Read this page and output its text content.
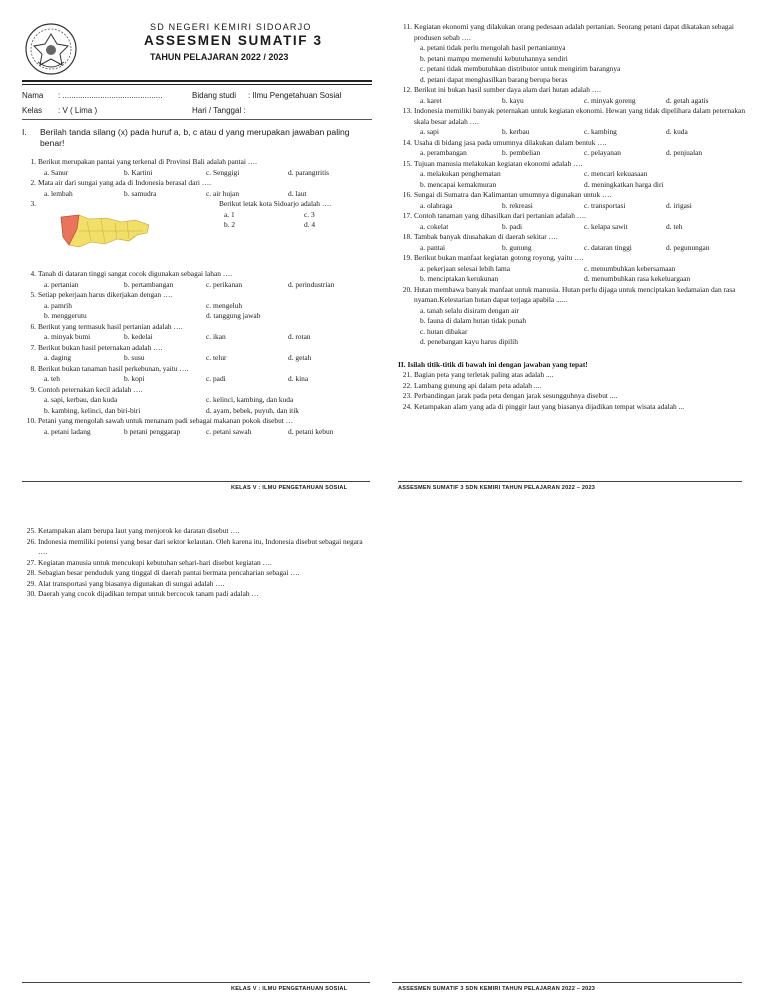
SD NEGERI KEMIRI SIDOARJO
ASSESMEN SUMATIF 3
TAHUN PELAJARAN 2022 / 2023
Nama : .............................................	Bidang studi : Ilmu Pengetahuan Sosial
Kelas : V ( Lima )	Hari / Tanggal :
I.	Berilah tanda silang (x) pada huruf a, b, c atau d yang merupakan jawaban paling benar!
1. Berikut merupakan pantai yang terkenal di Provinsi Bali adalah pantai ….
a. Sanur	b. Kartini	c. Senggigi	d. parangtritis
2. Mata air dari sungai yang ada di Indonesia berasal dari ….
a. lembah	b. samudra	c. air hujan	d. laut
3.	Berikut letak kota Sidoarjo adalah ….
a. 1	c. 3
b. 2	d. 4
4. Tanah di dataran tinggi sangat cocok digunakan sebagai lahan ….
a. pertanian	b. pertambangan	c. perikanan	d. perindustrian
5. Setiap pekerjaan harus dikerjakan dengan ….
a. pamrih	c. mengeluh
b. menggerutu	d. tanggung jawab
6. Berikut yang termasuk hasil pertanian adalah ….
a. minyak bumi	b. kedelai	c. ikan	d. rotan
7. Berikut bukan hasil peternakan adalah ….
a. daging	b. susu	c. telur	d. getah
8. Berikut bukan tanaman hasil perkebunan, yaitu ….
a. teh	b. kopi	c. padi	d. kina
9. Contoh peternakan kecil adalah ….
a. sapi, kerbau, dan kuda	c. kelinci, kambing, dan kuda
b. kambing, kelinci, dan biri-biri	d. ayam, bebek, puyuh, dan itik
10. Petani yang mengolah sawah untuk menanam padi sebagai makanan pokok disebut …
a. petani ladang	b petani penggarap	c. petani sawah	d. petani kebun
11. Kegiatan ekonomi yang dilakukan orang pedesaan adalah pertanian. Seorang petani dapat dikatakan sebagai produsen sebab ….
a. petani tidak perlu mengolah hasil pertaniannya
b. petani mampu memenuhi kebutuhannya sendiri
c. petani tidak membutuhkan distributor untuk mengirim barangnya
d. petani dapat menghasilkan barang berupa beras
12. Berikut ini bukan hasil sumber daya alam dari hutan adalah ….
a. karet	b. kayu	c. minyak goreng	d. getah agatis
13. Indonesia memiliki banyak peternakan untuk kegiatan ekonomi. Hewan yang tidak dipelihara dalam peternakan skala besar adalah ….
a. sapi	b. kerbau	c. kambing	d. kuda
14. Usaha di bidang jasa pada umumnya dilakukan dalam bentuk ….
a. perambangan	b. pembelian	c. pelayanan	d. penjualan
15. Tujuan manusia melakukan kegiatan ekonomi adalah ….
a. melakukan penghematan	c. mencari kekuasaan
b. mencapai kemakmuran	d. meningkatkan harga diri
16. Sungai di Sumatra dan Kalimantan umumnya digunakan untuk ….
a. olahraga	b. rekreasi	c. transportasi	d. irigasi
17. Contoh tanaman yang dihasilkan dari pertanian adalah ….
a. cokelat	b. padi	c. kelapa sawit	d. teh
18. Tambak banyak diusahakan di daerah sekitar ….
a. pantai	b. gunung	c. dataran tinggi	d. pegunungan
19. Berikut bukan manfaat kegiatan gotong royong, yaitu ….
a. pekerjaan selesai lebih lama	c. menumbuhkan kebersamaan
b. menciptakan kerukunan	d. menumbuhkan rasa kekeluargaan
20. Hutan membawa banyak manfaat untuk manusia. Hutan perlu dijaga untuk menciptakan kedamaian dan rasa nyaman.Kelestarian hutan dapat terjaga apabila ......
a. tanah selalu disiram dengan air
b. fauna di dalam hutan tidak punah
c. hutan dibakar
d. penebangan kayu harus dipilih
II. Isilah titik-titik di bawah ini dengan jawaban yang tepat!
21. Bagian peta yang terletak paling atas adalah ....
22. Lambang gunung api dalam peta adalah ....
23. Perbandingan jarak pada peta dengan jarak sesungguhnya disebut ....
24. Ketampakan alam yang ada di pinggir laut yang biasanya dijadikan tempat wisata adalah ...
KELAS V : ILMU PENGETAHUAN SOSIAL	ASSESMEN SUMATIF 3 SDN KEMIRI TAHUN PELAJARAN 2022 – 2023
25. Ketampakan alam berupa laut yang menjorok ke daratan disebut ….
26. Indonesia memiliki potensi yang besar dari sektor kelautan. Oleh karena itu, Indonesia disebut sebagai negara ….
27. Kegiatan manusia untuk mencukupi kebutuhan sehari-hari disebut kegiatan ….
28. Sebagian besar penduduk yang tinggal di daerah pantai bermata pencaharian sebagai ….
29. Alat transportasi yang biasanya digunakan di sungai adalah ….
30. Daerah yang cocok dijadikan tempat untuk bercocok tanam padi adalah …
KELAS V : ILMU PENGETAHUAN SOSIAL	ASSESMEN SUMATIF 3 SDN KEMIRI TAHUN PELAJARAN 2022 – 2023
